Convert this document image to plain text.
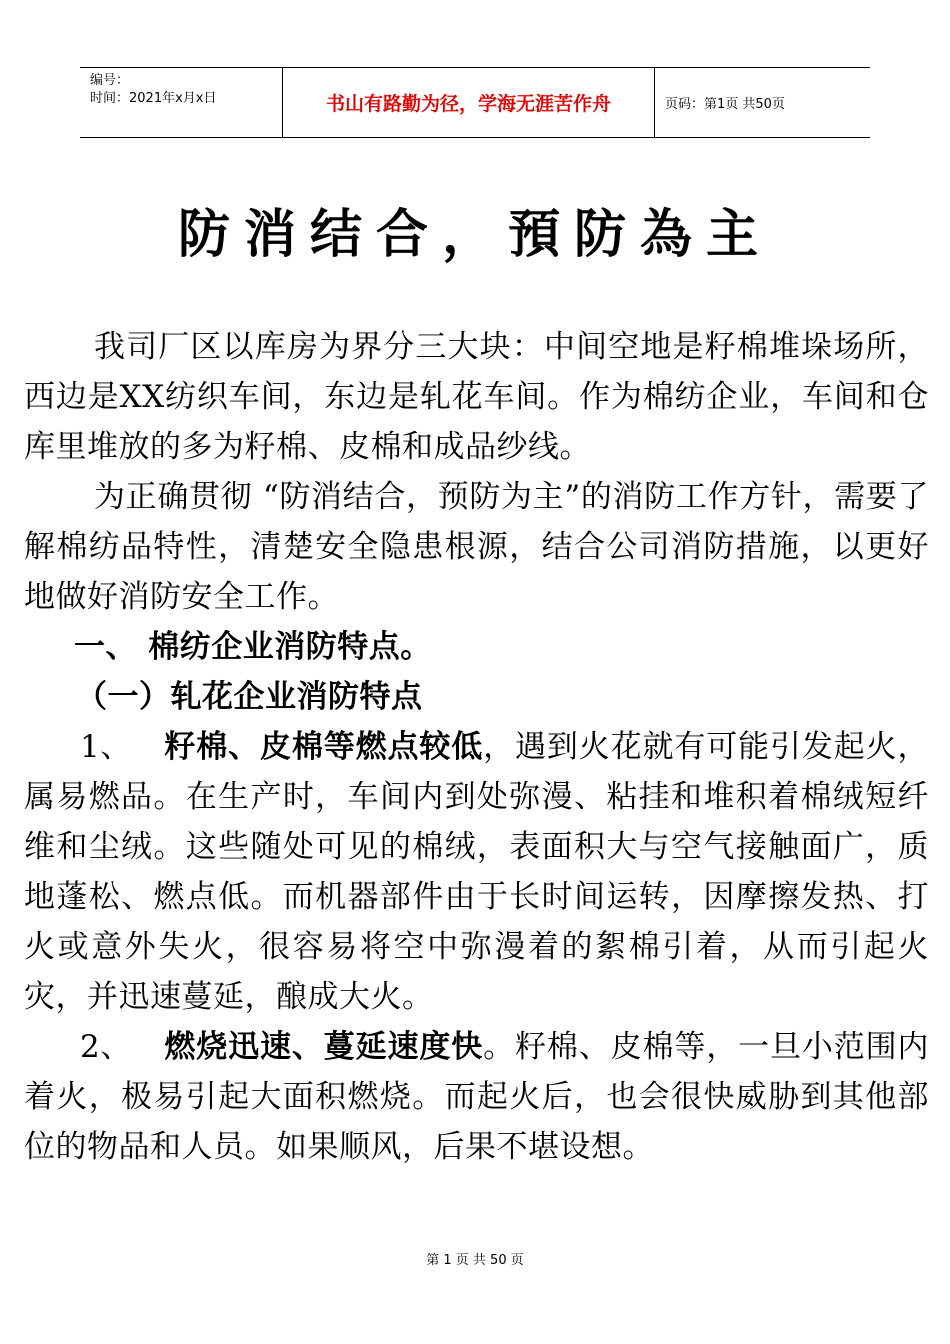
编号：
时间：2021年x月x日	书山有路勤为径，学海无涯苦作舟	页码：第1页 共50页
防消结合，預防為主

我司厂区以库房为界分三大块：中间空地是籽棉堆垛场所，西边是XX纺织车间，东边是轧花车间。作为棉纺企业，车间和仓库里堆放的多为籽棉、皮棉和成品纱线。

为正确贯彻 “防消结合，预防为主”的消防工作方针，需要了解棉纺品特性，清楚安全隐患根源，结合公司消防措施，以更好地做好消防安全工作。

一、 棉纺企业消防特点。

（一）轧花企业消防特点

1、 籽棉、皮棉等燃点较低，遇到火花就有可能引发起火，属易燃品。在生产时，车间内到处弥漫、粘挂和堆积着棉绒短纤维和尘绒。这些随处可见的棉绒，表面积大与空气接触面广，质地蓬松、燃点低。而机器部件由于长时间运转，因摩擦发热、打火或意外失火，很容易将空中弥漫着的絮棉引着，从而引起火灾，并迅速蔓延，酿成大火。

2、 燃烧迅速、蔓延速度快。籽棉、皮棉等，一旦小范围内着火，极易引起大面积燃烧。而起火后，也会很快威胁到其他部位的物品和人员。如果顺风，后果不堪设想。

第 1 页 共 50 页
